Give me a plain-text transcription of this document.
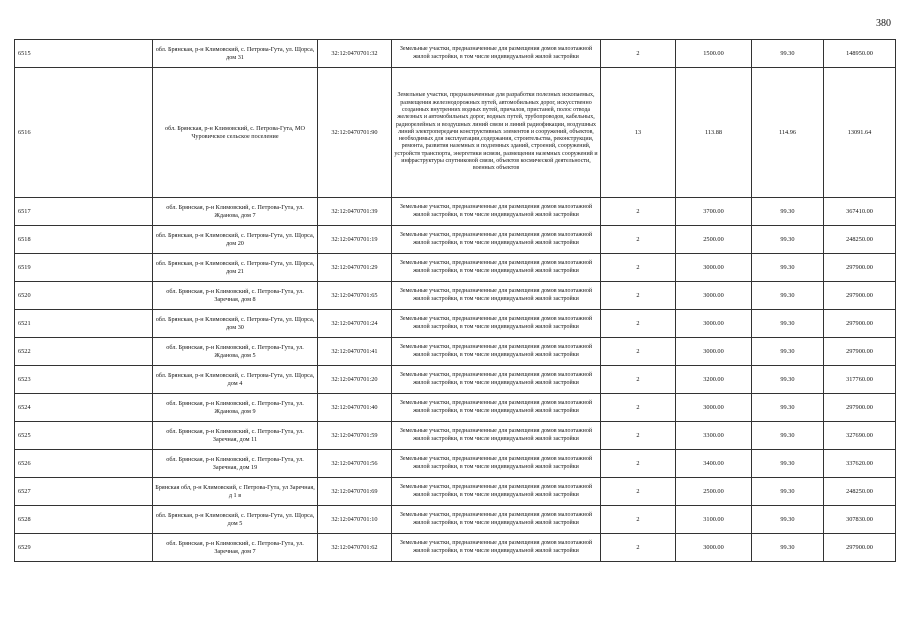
380
6515	обл. Брянская, р-н Климовский, с. Петрова-Гута, ул. Щорса, дом 31	32:12:0470701:32	Земельные участки, предназначенные для размещения домов малоэтажной жилой застройки, в том числе индивидуальной жилой застройки	2	1500.00	99.30	148950.00
6516	обл. Брянская, р-н Климовский, с. Петрова-Гута, МО Чуровичское сельское поселение	32:12:0470701:90	Земельные участки, предназначенные для разработки полезных ископаемых, размещения железнодорожных путей, автомобильных дорог, искусственно созданных внутренних водных путей, причалов, пристаней, полос отвода железных и автомобильных дорог, водных путей, трубопроводов, кабельных, радиорелейных и воздушных линий связи и линий радиофикации, воздушных линий электропередачи конструктивных элементов и сооружений, объектов, необходимых для эксплуатации,содержания, строительства, реконструкции, ремонта, развития наземных и подземных зданий, строений, сооружений, устройств транспорта, энергетики исвязи, размещения наземных сооружений и инфраструктуры спутниковой связи, объектов космической деятельности, военных объектов	13	113.88	114.96	13091.64
6517	обл. Брянская, р-н Климовский, с. Петрова-Гута, ул. Жданова, дом 7	32:12:0470701:39	Земельные участки, предназначенные для размещения домов малоэтажной жилой застройки, в том числе индивидуальной жилой застройки	2	3700.00	99.30	367410.00
6518	обл. Брянская, р-н Климовский, с. Петрова-Гута, ул. Щорса, дом 20	32:12:0470701:19	Земельные участки, предназначенные для размещения домов малоэтажной жилой застройки, в том числе индивидуальной жилой застройки	2	2500.00	99.30	248250.00
6519	обл. Брянская, р-н Климовский, с. Петрова-Гута, ул. Щорса, дом 21	32:12:0470701:29	Земельные участки, предназначенные для размещения домов малоэтажной жилой застройки, в том числе индивидуальной жилой застройки	2	3000.00	99.30	297900.00
6520	обл. Брянская, р-н Климовский, с. Петрова-Гута, ул. Заречная, дом 8	32:12:0470701:65	Земельные участки, предназначенные для размещения домов малоэтажной жилой застройки, в том числе индивидуальной жилой застройки	2	3000.00	99.30	297900.00
6521	обл. Брянская, р-н Климовский, с. Петрова-Гута, ул. Щорса, дом 30	32:12:0470701:24	Земельные участки, предназначенные для размещения домов малоэтажной жилой застройки, в том числе индивидуальной жилой застройки	2	3000.00	99.30	297900.00
6522	обл. Брянская, р-н Климовский, с. Петрова-Гута, ул. Жданова, дом 5	32:12:0470701:41	Земельные участки, предназначенные для размещения домов малоэтажной жилой застройки, в том числе индивидуальной жилой застройки	2	3000.00	99.30	297900.00
6523	обл. Брянская, р-н Климовский, с. Петрова-Гута, ул. Щорса, дом 4	32:12:0470701:20	Земельные участки, предназначенные для размещения домов малоэтажной жилой застройки, в том числе индивидуальной жилой застройки	2	3200.00	99.30	317760.00
6524	обл. Брянская, р-н Климовский, с. Петрова-Гута, ул. Жданова, дом 9	32:12:0470701:40	Земельные участки, предназначенные для размещения домов малоэтажной жилой застройки, в том числе индивидуальной жилой застройки	2	3000.00	99.30	297900.00
6525	обл. Брянская, р-н Климовский, с. Петрова-Гута, ул. Заречная, дом 11	32:12:0470701:59	Земельные участки, предназначенные для размещения домов малоэтажной жилой застройки, в том числе индивидуальной жилой застройки	2	3300.00	99.30	327690.00
6526	обл. Брянская, р-н Климовский, с. Петрова-Гута, ул. Заречная, дом 19	32:12:0470701:56	Земельные участки, предназначенные для размещения домов малоэтажной жилой застройки, в том числе индивидуальной жилой застройки	2	3400.00	99.30	337620.00
6527	Брянская обл, р-н Климовский, с Петрова-Гута, ул Заречная, д 1 в	32:12:0470701:69	Земельные участки, предназначенные для размещения домов малоэтажной жилой застройки, в том числе индивидуальной жилой застройки	2	2500.00	99.30	248250.00
6528	обл. Брянская, р-н Климовский, с. Петрова-Гута, ул. Щорса, дом 5	32:12:0470701:10	Земельные участки, предназначенные для размещения домов малоэтажной жилой застройки, в том числе индивидуальной жилой застройки	2	3100.00	99.30	307830.00
6529	обл. Брянская, р-н Климовский, с. Петрова-Гута, ул. Заречная, дом 7	32:12:0470701:62	Земельные участки, предназначенные для размещения домов малоэтажной жилой застройки, в том числе индивидуальной жилой застройки	2	3000.00	99.30	297900.00
